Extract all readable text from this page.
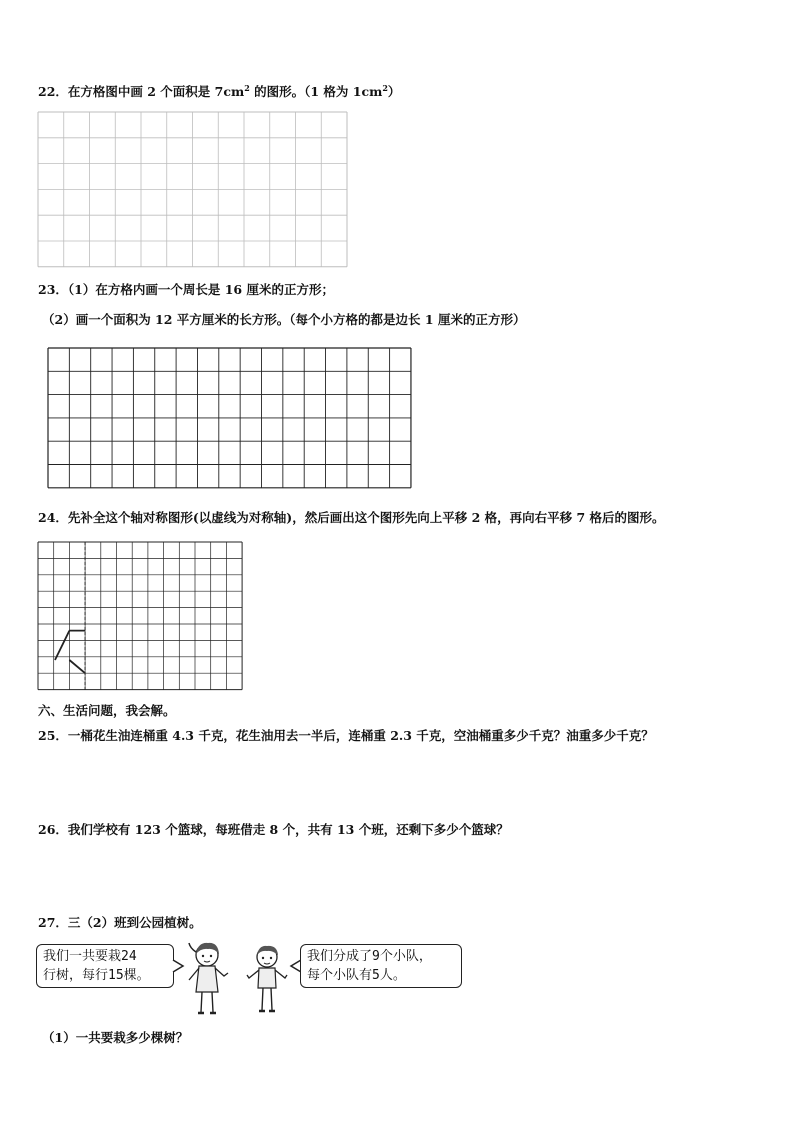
22．在方格图中画 2 个面积是 $7cm^2$ 的图形。（1 格为 $1cm^2$）
23．（1）在方格内画一个周长是 16 厘米的正方形；
（2）画一个面积为 12 平方厘米的长方形。（每个小方格的都是边长 1 厘米的正方形）
24．先补全这个轴对称图形(以虚线为对称轴)，然后画出这个图形先向上平移 2 格，再向右平移 7 格后的图形。
六、生活问题，我会解。
25．一桶花生油连桶重 4.3 千克，花生油用去一半后，连桶重 2.3 千克，空油桶重多少千克？油重多少千克？
26．我们学校有 123 个篮球，每班借走 8 个，共有 13 个班，还剩下多少个篮球？
27．三（2）班到公园植树。
我们一共要栽24
行树，每行15棵。
我们分成了9个小队，
每个小队有5人。
（1）一共要栽多少棵树？
